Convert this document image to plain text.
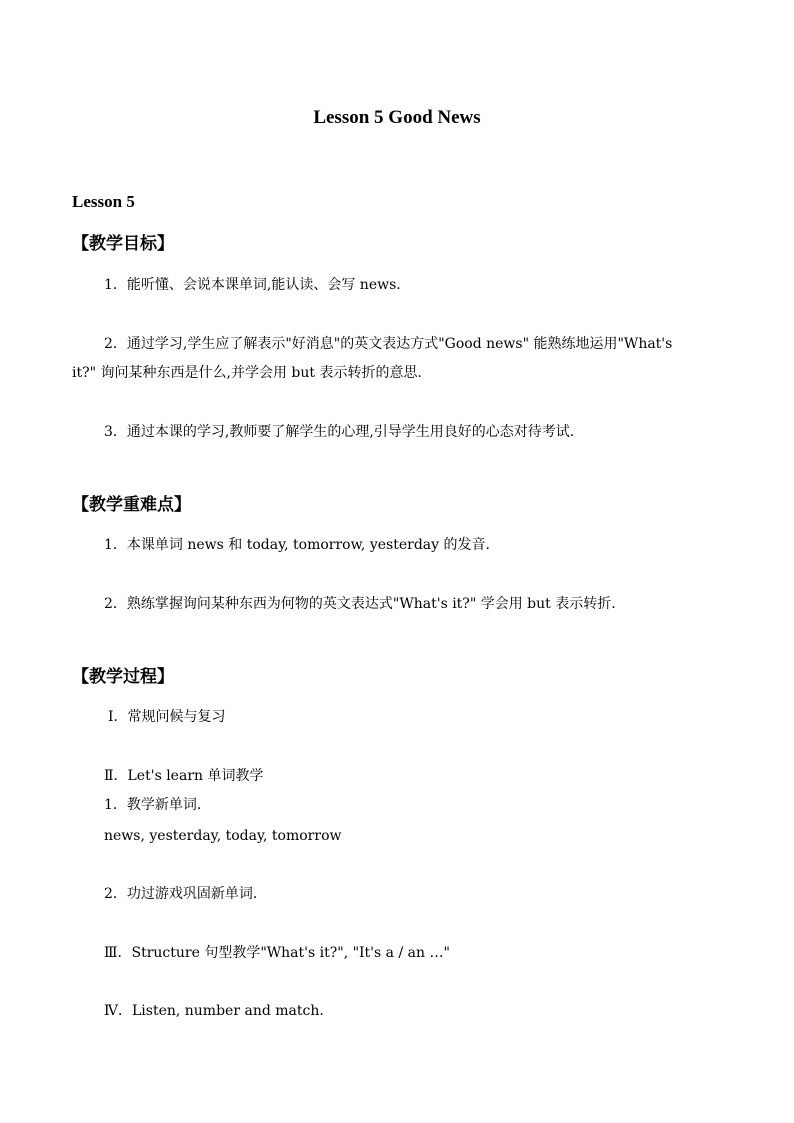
Lesson 5 Good News
Lesson 5
【教学目标】
1．能听懂、会说本课单词,能认读、会写 news.
2．通过学习,学生应了解表示"好消息"的英文表达方式"Good news" 能熟练地运用"What's
it?" 询问某种东西是什么,并学会用 but 表示转折的意思.
3．通过本课的学习,教师要了解学生的心理,引导学生用良好的心态对待考试.
【教学重难点】
1．本课单词 news 和 today, tomorrow, yesterday 的发音.
2．熟练掌握询问某种东西为何物的英文表达式"What's it?" 学会用 but 表示转折.
【教学过程】
Ⅰ．常规问候与复习
Ⅱ．Let's learn 单词教学
1．教学新单词.
news, yesterday, today, tomorrow
2．功过游戏巩固新单词.
Ⅲ．Structure 句型教学"What's it?", "It's a / an …"
Ⅳ．Listen, number and match.
